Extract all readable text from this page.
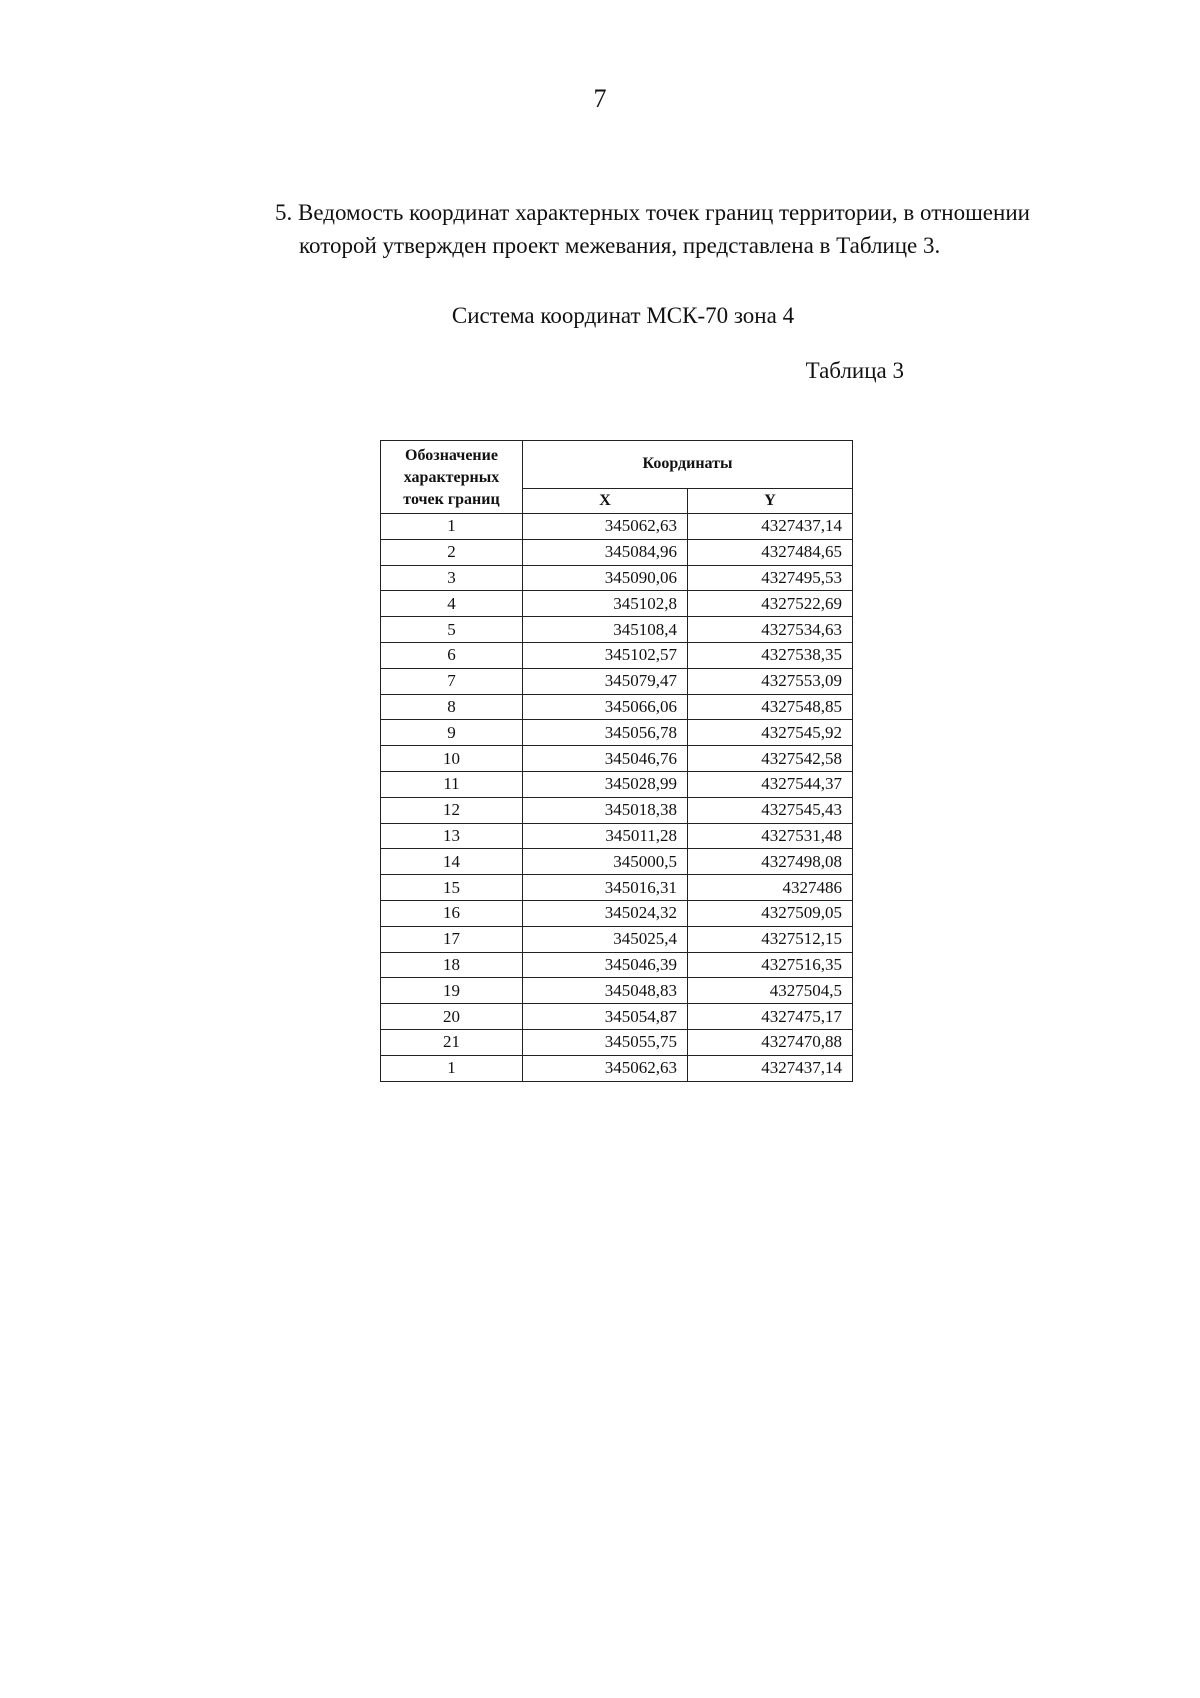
7

5. Ведомость координат характерных точек границ территории, в отношении
которой утвержден проект межевания, представлена в Таблице 3.

Система координат МСК-70 зона 4
Таблица 3
Обозначение
характерных
точек границ	Координаты	
	X	Y
1	345062,63	4327437,14
2	345084,96	4327484,65
3	345090,06	4327495,53
4	345102,8	4327522,69
5	345108,4	4327534,63
6	345102,57	4327538,35
7	345079,47	4327553,09
8	345066,06	4327548,85
9	345056,78	4327545,92
10	345046,76	4327542,58
11	345028,99	4327544,37
12	345018,38	4327545,43
13	345011,28	4327531,48
14	345000,5	4327498,08
15	345016,31	4327486
16	345024,32	4327509,05
17	345025,4	4327512,15
18	345046,39	4327516,35
19	345048,83	4327504,5
20	345054,87	4327475,17
21	345055,75	4327470,88
1	345062,63	4327437,14
